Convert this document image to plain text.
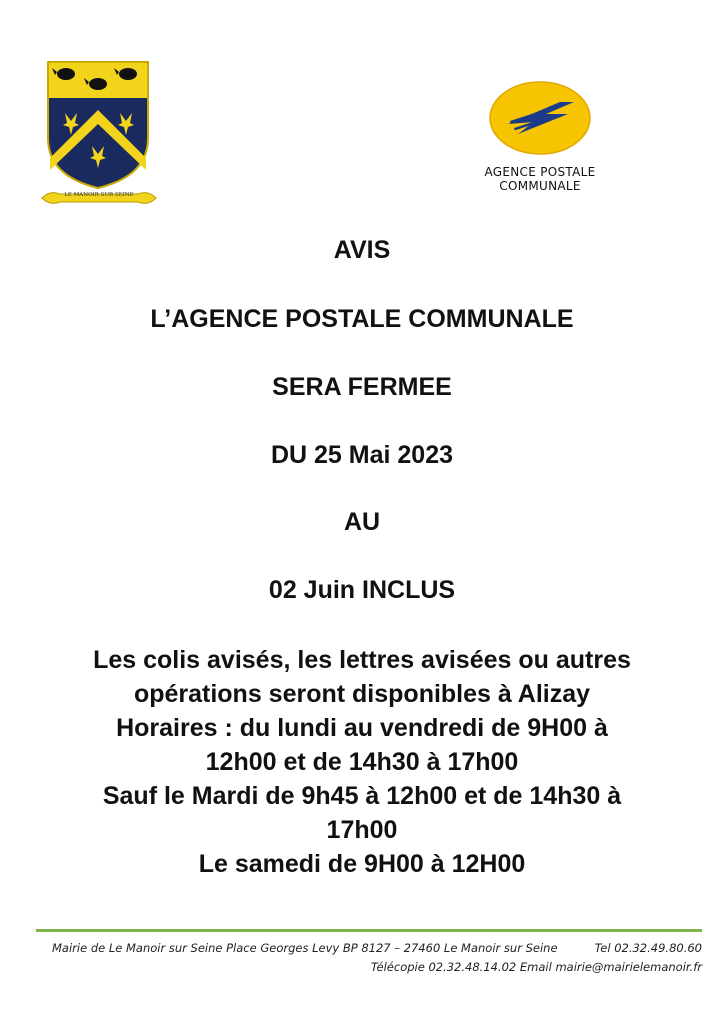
LE MANOIR SUR SEINE
AGENCE POSTALE
COMMUNALE
AVIS
L’AGENCE POSTALE COMMUNALE
SERA FERMEE
DU 25 Mai 2023
AU
02 Juin INCLUS
Les colis avisés, les lettres avisées ou autres
opérations seront disponibles à Alizay
Horaires : du lundi au vendredi de 9H00 à
12h00 et de 14h30 à 17h00
Sauf le Mardi de 9h45 à 12h00 et de 14h30 à
17h00
Le samedi de 9H00 à 12H00
Mairie de Le Manoir sur Seine Place Georges Levy BP 8127 – 27460 Le Manoir sur Seine	Tel 02.32.49.80.60
Télécopie 02.32.48.14.02 Email mairie@mairielemanoir.fr
